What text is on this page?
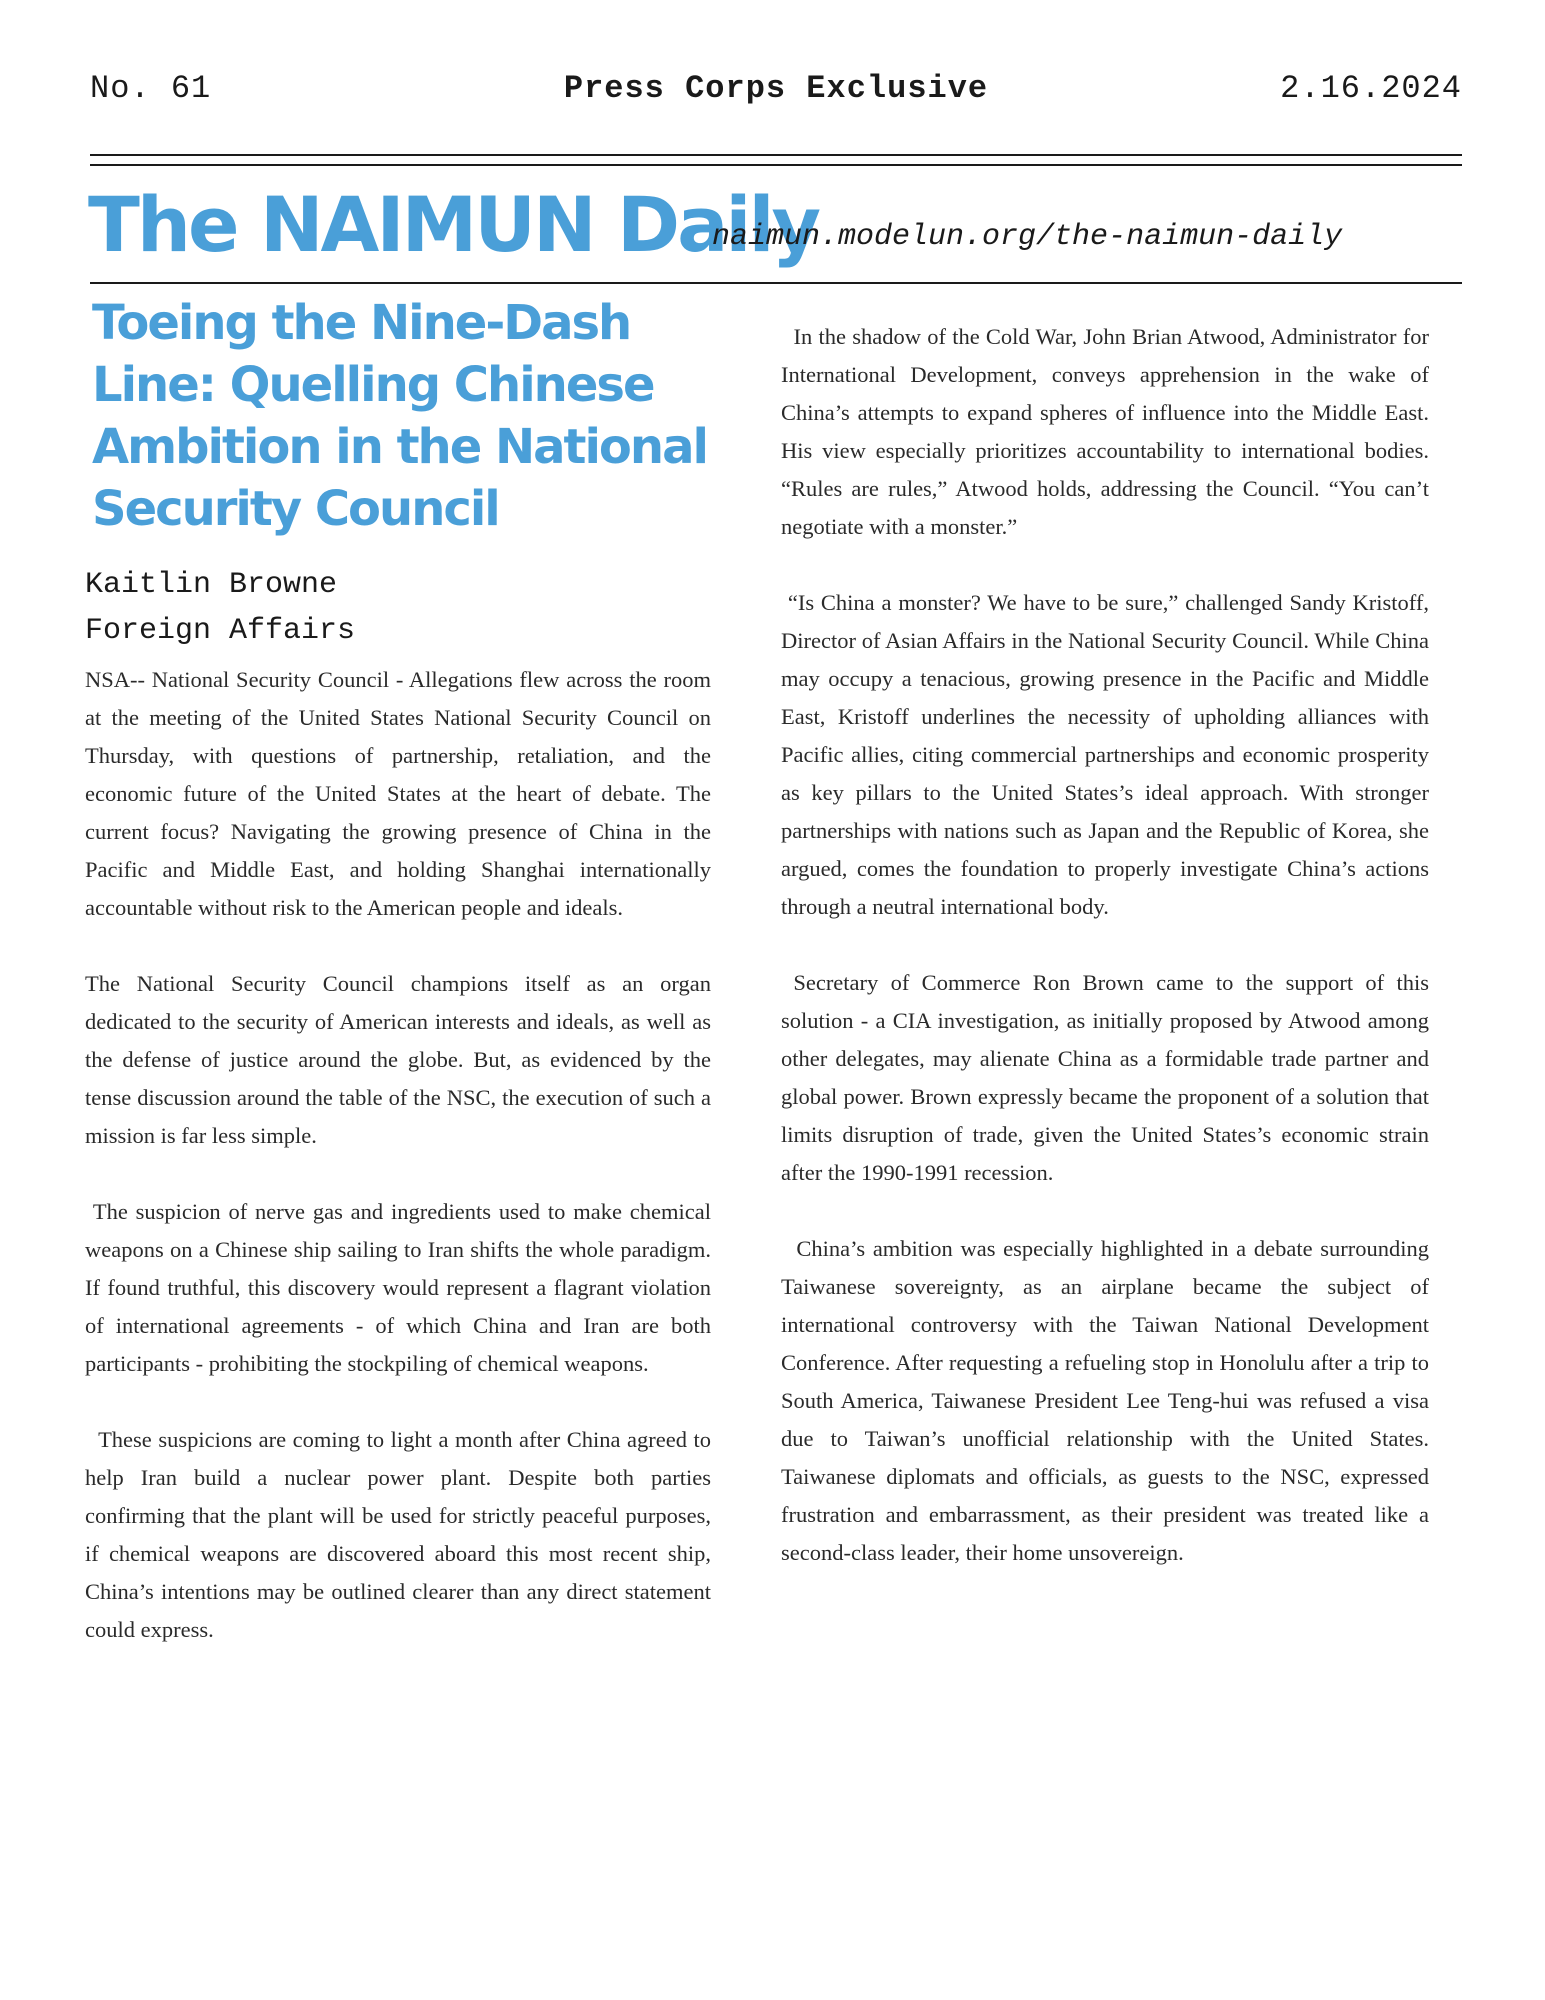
No. 61	Press Corps Exclusive	2.16.2024
The NAIMUN Daily
naimun.modelun.org/the-naimun-daily
Toeing the Nine-Dash Line: Quelling Chinese Ambition in the National Security Council
Kaitlin Browne
Foreign Affairs

NSA-- National Security Council - Allegations flew across the room at the meeting of the United States National Security Council on Thursday, with questions of partnership, retaliation, and the economic future of the United States at the heart of debate. The current focus? Navigating the growing presence of China in the Pacific and Middle East, and holding Shanghai internationally accountable without risk to the American people and ideals.

The National Security Council champions itself as an organ dedicated to the security of American interests and ideals, as well as the defense of justice around the globe. But, as evidenced by the tense discussion around the table of the NSC, the execution of such a mission is far less simple.

The suspicion of nerve gas and ingredients used to make chemical weapons on a Chinese ship sailing to Iran shifts the whole paradigm. If found truthful, this discovery would represent a flagrant violation of international agreements - of which China and Iran are both participants - prohibiting the stockpiling of chemical weapons.

These suspicions are coming to light a month after China agreed to help Iran build a nuclear power plant. Despite both parties confirming that the plant will be used for strictly peaceful purposes, if chemical weapons are discovered aboard this most recent ship, China’s intentions may be outlined clearer than any direct statement could express.

In the shadow of the Cold War, John Brian Atwood, Administrator for International Development, conveys apprehension in the wake of China’s attempts to expand spheres of influence into the Middle East. His view especially prioritizes accountability to international bodies. “Rules are rules,” Atwood holds, addressing the Council. “You can’t negotiate with a monster.”

“Is China a monster? We have to be sure,” challenged Sandy Kristoff, Director of Asian Affairs in the National Security Council. While China may occupy a tenacious, growing presence in the Pacific and Middle East, Kristoff underlines the necessity of upholding alliances with Pacific allies, citing commercial partnerships and economic prosperity as key pillars to the United States’s ideal approach. With stronger partnerships with nations such as Japan and the Republic of Korea, she argued, comes the foundation to properly investigate China’s actions through a neutral international body.

Secretary of Commerce Ron Brown came to the support of this solution - a CIA investigation, as initially proposed by Atwood among other delegates, may alienate China as a formidable trade partner and global power. Brown expressly became the proponent of a solution that limits disruption of trade, given the United States’s economic strain after the 1990-1991 recession.

China’s ambition was especially highlighted in a debate surrounding Taiwanese sovereignty, as an airplane became the subject of international controversy with the Taiwan National Development Conference. After requesting a refueling stop in Honolulu after a trip to South America, Taiwanese President Lee Teng-hui was refused a visa due to Taiwan’s unofficial relationship with the United States. Taiwanese diplomats and officials, as guests to the NSC, expressed frustration and embarrassment, as their president was treated like a second-class leader, their home unsovereign.
